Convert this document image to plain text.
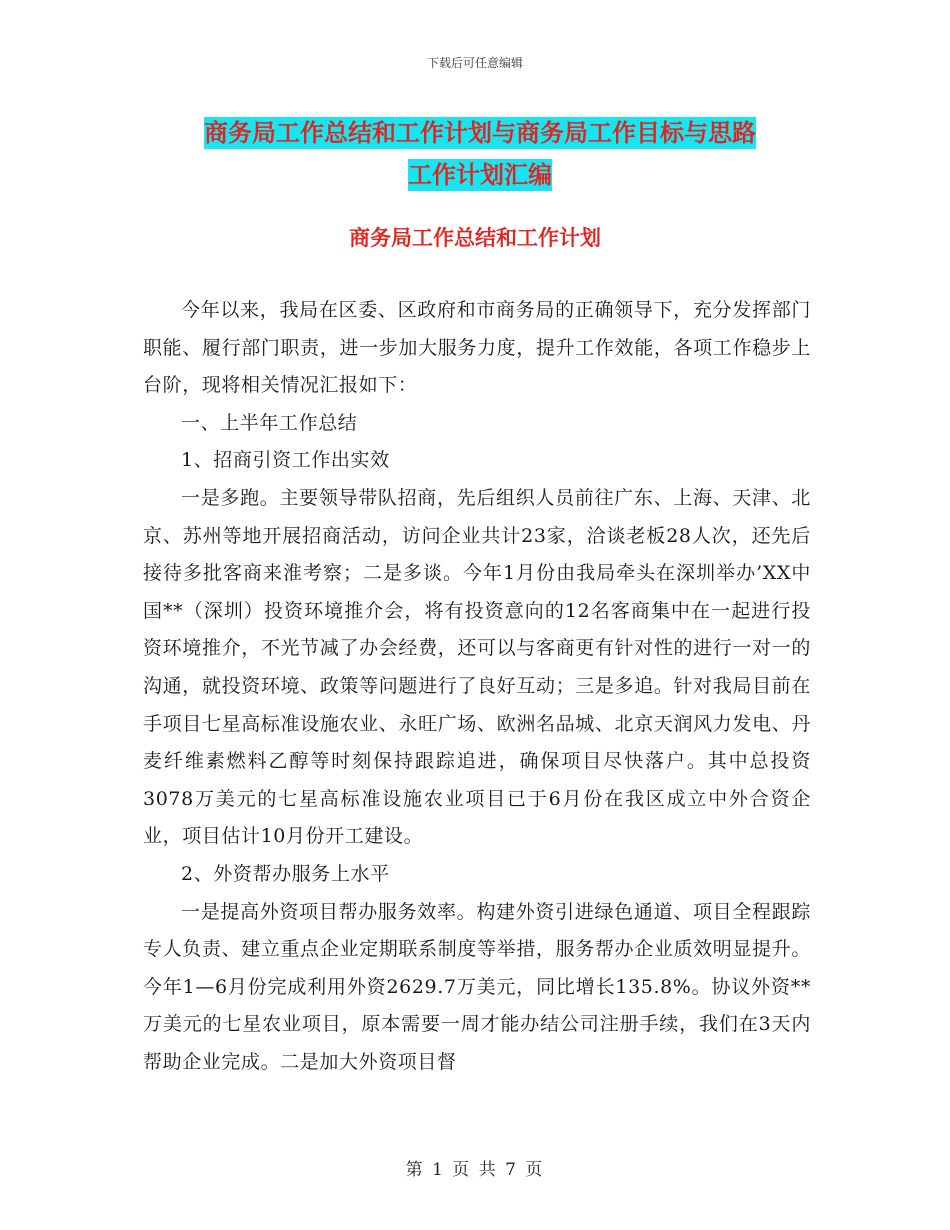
下载后可任意编辑
商务局工作总结和工作计划与商务局工作目标与思路
工作计划汇编
商务局工作总结和工作计划

今年以来，我局在区委、区政府和市商务局的正确领导下，充分发挥部门职能、履行部门职责，进一步加大服务力度，提升工作效能，各项工作稳步上台阶，现将相关情况汇报如下：

一、上半年工作总结

1、招商引资工作出实效

一是多跑。主要领导带队招商，先后组织人员前往广东、上海、天津、北京、苏州等地开展招商活动，访问企业共计23家，洽谈老板28人次，还先后接待多批客商来淮考察；二是多谈。今年1月份由我局牵头在深圳举办’XX中国**（深圳）投资环境推介会，将有投资意向的12名客商集中在一起进行投资环境推介，不光节减了办会经费，还可以与客商更有针对性的进行一对一的沟通，就投资环境、政策等问题进行了良好互动；三是多追。针对我局目前在手项目七星高标准设施农业、永旺广场、欧洲名品城、北京天润风力发电、丹麦纤维素燃料乙醇等时刻保持跟踪追进，确保项目尽快落户。其中总投资3078万美元的七星高标准设施农业项目已于6月份在我区成立中外合资企业，项目估计10月份开工建设。

2、外资帮办服务上水平

一是提高外资项目帮办服务效率。构建外资引进绿色通道、项目全程跟踪专人负责、建立重点企业定期联系制度等举措，服务帮办企业质效明显提升。今年1—6月份完成利用外资2629.7万美元，同比增长135.8%。协议外资**万美元的七星农业项目，原本需要一周才能办结公司注册手续，我们在3天内帮助企业完成。二是加大外资项目督

第 1 页 共 7 页
